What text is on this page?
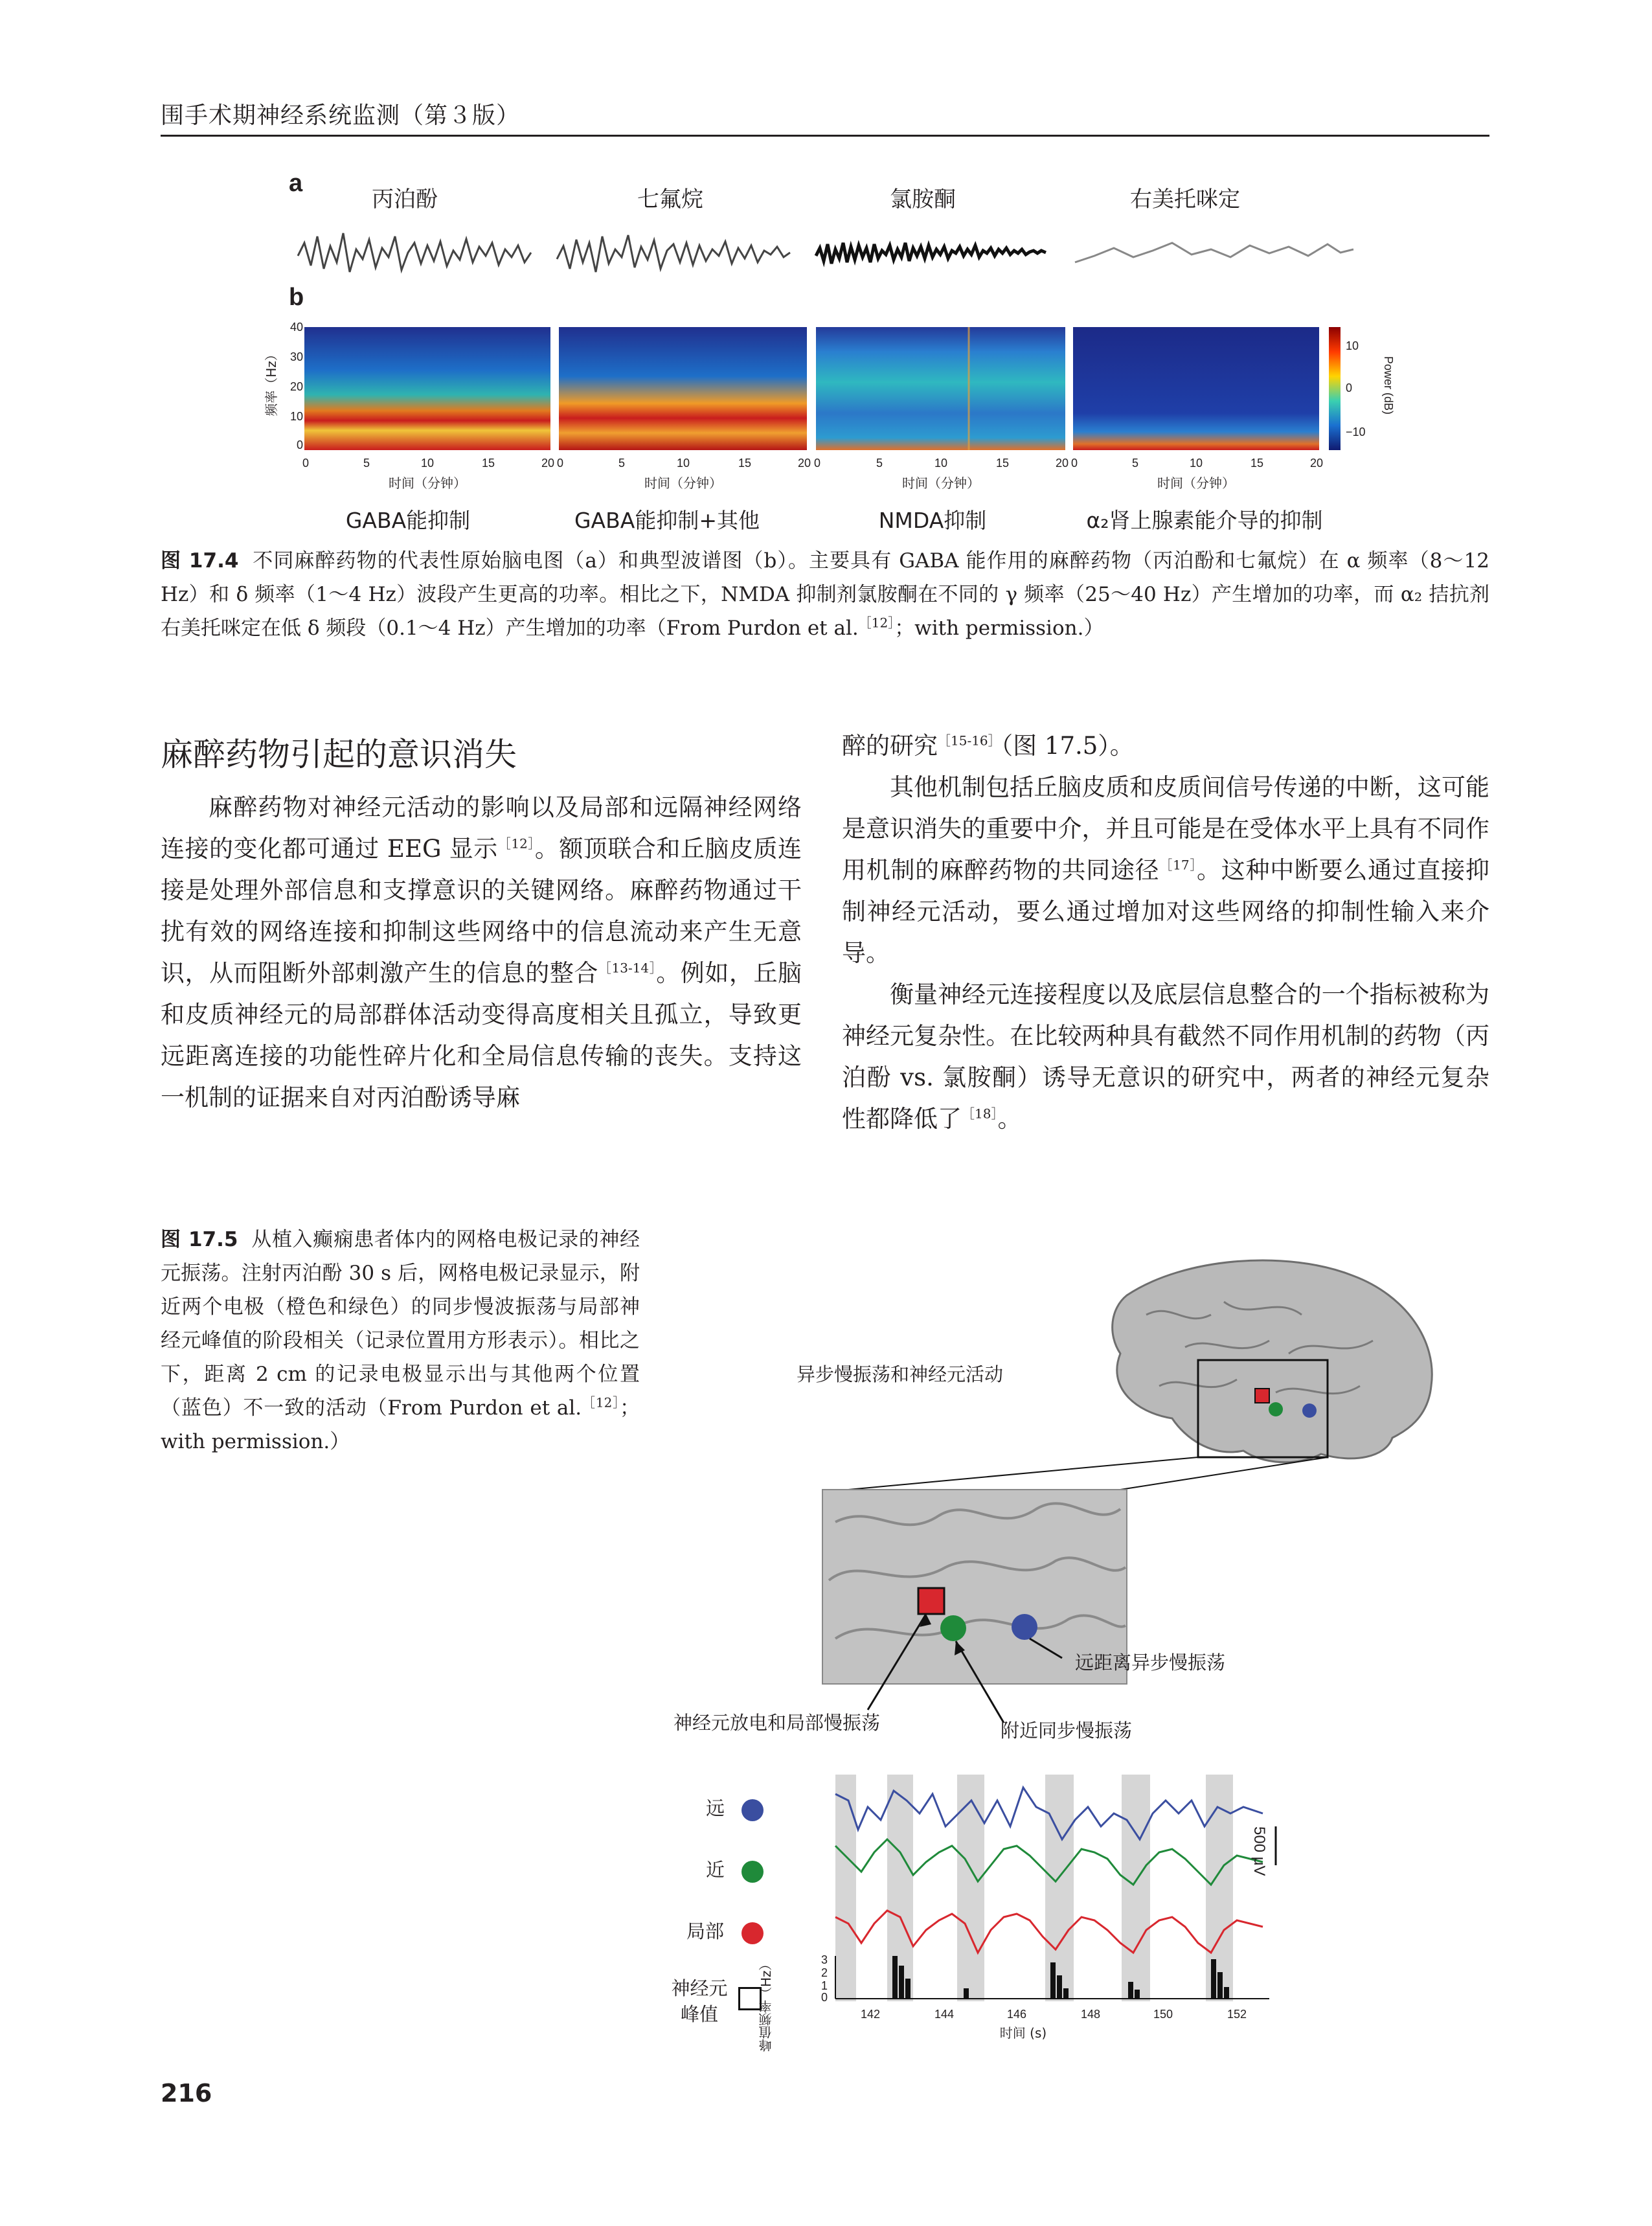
围手术期神经系统监测（第３版）
a
丙泊酚	七氟烷	氯胺酮	右美托咪定
b
频率（Hz）
40
30
20
10
0
10
0
−10
Power (dB)
0	5	10	15	20
时间（分钟）
0	5	10	15	20
时间（分钟）
0	5	10	15	20
时间（分钟）
0	5	10	15	20
时间（分钟）
GABA能抑制	GABA能抑制+其他	NMDA抑制	α₂肾上腺素能介导的抑制
图 17.4 不同麻醉药物的代表性原始脑电图（a）和典型波谱图（b）。主要具有 GABA 能作用的麻醉药物（丙泊酚和七氟烷）在 α 频率（8～12 Hz）和 δ 频率（1～4 Hz）波段产生更高的功率。相比之下，NMDA 抑制剂氯胺酮在不同的 γ 频率（25～40 Hz）产生增加的功率，而 α₂ 拮抗剂右美托咪定在低 δ 频段（0.1～4 Hz）产生增加的功率（From Purdon et al.$^{[12]}$；with permission.）
麻醉药物引起的意识消失

麻醉药物对神经元活动的影响以及局部和远隔神经网络连接的变化都可通过 EEG 显示$^{[12]}$。额顶联合和丘脑皮质连接是处理外部信息和支撑意识的关键网络。麻醉药物通过干扰有效的网络连接和抑制这些网络中的信息流动来产生无意识，从而阻断外部刺激产生的信息的整合$^{[13-14]}$。例如，丘脑和皮质神经元的局部群体活动变得高度相关且孤立，导致更远距离连接的功能性碎片化和全局信息传输的丧失。支持这一机制的证据来自对丙泊酚诱导麻

醉的研究$^{[15-16]}$（图 17.5）。

其他机制包括丘脑皮质和皮质间信号传递的中断，这可能是意识消失的重要中介，并且可能是在受体水平上具有不同作用机制的麻醉药物的共同途径$^{[17]}$。这种中断要么通过直接抑制神经元活动，要么通过增加对这些网络的抑制性输入来介导。

衡量神经元连接程度以及底层信息整合的一个指标被称为神经元复杂性。在比较两种具有截然不同作用机制的药物（丙泊酚 vs. 氯胺酮）诱导无意识的研究中，两者的神经元复杂性都降低了$^{[18]}$。

图 17.5 从植入癫痫患者体内的网格电极记录的神经元振荡。注射丙泊酚 30 s 后，网格电极记录显示，附近两个电极（橙色和绿色）的同步慢波振荡与局部神经元峰值的阶段相关（记录位置用方形表示）。相比之下，距离 2 cm 的记录电极显示出与其他两个位置（蓝色）不一致的活动（From Purdon et al.$^{[12]}$；with permission.）
异步慢振荡和神经元活动
3
2
1
0
142	144	146	148	150	152
时间 (s)
远距离异步慢振荡
神经元放电和局部慢振荡	附近同步慢振荡
远
近
局部
神经元峰值	峰值频率（Hz）
500 μV
216
